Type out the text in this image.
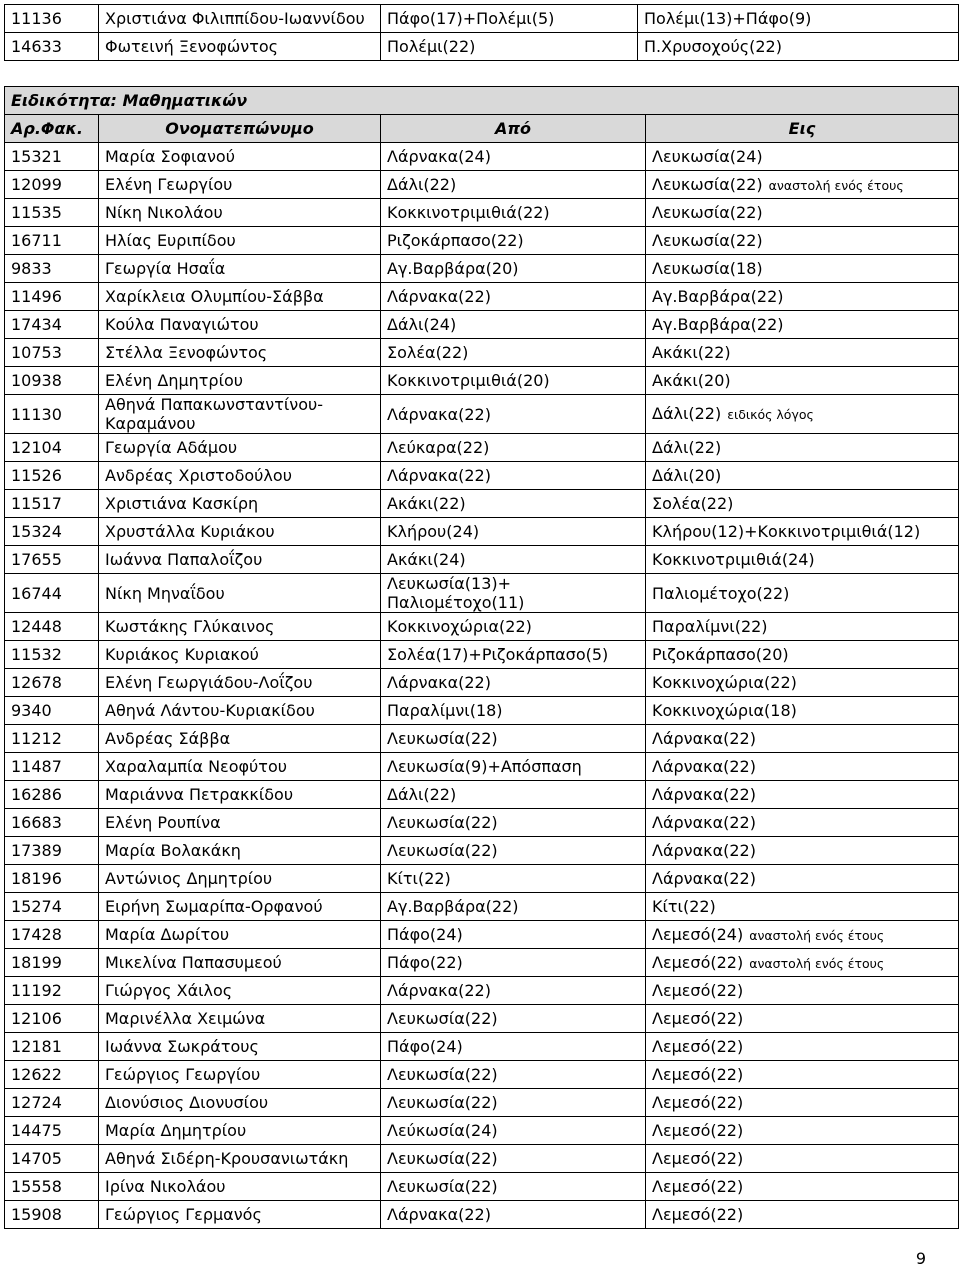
11136	Χριστιάνα Φιλιππίδου-Ιωαννίδου	Πάφο(17)+Πολέμι(5)	Πολέμι(13)+Πάφο(9)
14633	Φωτεινή Ξενοφώντος	Πολέμι(22)	Π.Χρυσοχούς(22)
Ειδικότητα: Μαθηματικών			
Αρ.Φακ.	Ονοματεπώνυμο	Από	Εις
15321	Μαρία Σοφιανού	Λάρνακα(24)	Λευκωσία(24)
12099	Ελένη Γεωργίου	Δάλι(22)	Λευκωσία(22) αναστολή ενός έτους
11535	Νίκη Νικολάου	Κοκκινοτριμιθιά(22)	Λευκωσία(22)
16711	Ηλίας Ευριπίδου	Ριζοκάρπασο(22)	Λευκωσία(22)
9833	Γεωργία Ησαΐα	Αγ.Βαρβάρα(20)	Λευκωσία(18)
11496	Χαρίκλεια Ολυμπίου-Σάββα	Λάρνακα(22)	Αγ.Βαρβάρα(22)
17434	Κούλα Παναγιώτου	Δάλι(24)	Αγ.Βαρβάρα(22)
10753	Στέλλα Ξενοφώντος	Σολέα(22)	Ακάκι(22)
10938	Ελένη Δημητρίου	Κοκκινοτριμιθιά(20)	Ακάκι(20)
11130	Αθηνά Παπακωνσταντίνου-Καραμάνου	Λάρνακα(22)	Δάλι(22) ειδικός λόγος
12104	Γεωργία Αδάμου	Λεύκαρα(22)	Δάλι(22)
11526	Ανδρέας Χριστοδούλου	Λάρνακα(22)	Δάλι(20)
11517	Χριστιάνα Κασκίρη	Ακάκι(22)	Σολέα(22)
15324	Χρυστάλλα Κυριάκου	Κλήρου(24)	Κλήρου(12)+Κοκκινοτριμιθιά(12)
17655	Ιωάννα Παπαλοΐζου	Ακάκι(24)	Κοκκινοτριμιθιά(24)
16744	Νίκη Μηναΐδου	Λευκωσία(13)+ Παλιομέτοχο(11)	Παλιομέτοχο(22)
12448	Κωστάκης Γλύκαινος	Κοκκινοχώρια(22)	Παραλίμνι(22)
11532	Κυριάκος Κυριακού	Σολέα(17)+Ριζοκάρπασο(5)	Ριζοκάρπασο(20)
12678	Ελένη Γεωργιάδου-Λοΐζου	Λάρνακα(22)	Κοκκινοχώρια(22)
9340	Αθηνά Λάντου-Κυριακίδου	Παραλίμνι(18)	Κοκκινοχώρια(18)
11212	Ανδρέας Σάββα	Λευκωσία(22)	Λάρνακα(22)
11487	Χαραλαμπία Νεοφύτου	Λευκωσία(9)+Απόσπαση	Λάρνακα(22)
16286	Μαριάννα Πετρακκίδου	Δάλι(22)	Λάρνακα(22)
16683	Ελένη Ρουπίνα	Λευκωσία(22)	Λάρνακα(22)
17389	Μαρία Βολακάκη	Λευκωσία(22)	Λάρνακα(22)
18196	Αντώνιος Δημητρίου	Κίτι(22)	Λάρνακα(22)
15274	Ειρήνη Σωμαρίπα-Ορφανού	Αγ.Βαρβάρα(22)	Κίτι(22)
17428	Μαρία Δωρίτου	Πάφο(24)	Λεμεσό(24) αναστολή ενός έτους
18199	Μικελίνα Παπασυμεού	Πάφο(22)	Λεμεσό(22) αναστολή ενός έτους
11192	Γιώργος Χάιλος	Λάρνακα(22)	Λεμεσό(22)
12106	Μαρινέλλα Χειμώνα	Λευκωσία(22)	Λεμεσό(22)
12181	Ιωάννα Σωκράτους	Πάφο(24)	Λεμεσό(22)
12622	Γεώργιος Γεωργίου	Λευκωσία(22)	Λεμεσό(22)
12724	Διονύσιος Διονυσίου	Λευκωσία(22)	Λεμεσό(22)
14475	Μαρία Δημητρίου	Λεύκωσία(24)	Λεμεσό(22)
14705	Αθηνά Σιδέρη-Κρουσανιωτάκη	Λευκωσία(22)	Λεμεσό(22)
15558	Ιρίνα Νικολάου	Λευκωσία(22)	Λεμεσό(22)
15908	Γεώργιος Γερμανός	Λάρνακα(22)	Λεμεσό(22)
9
